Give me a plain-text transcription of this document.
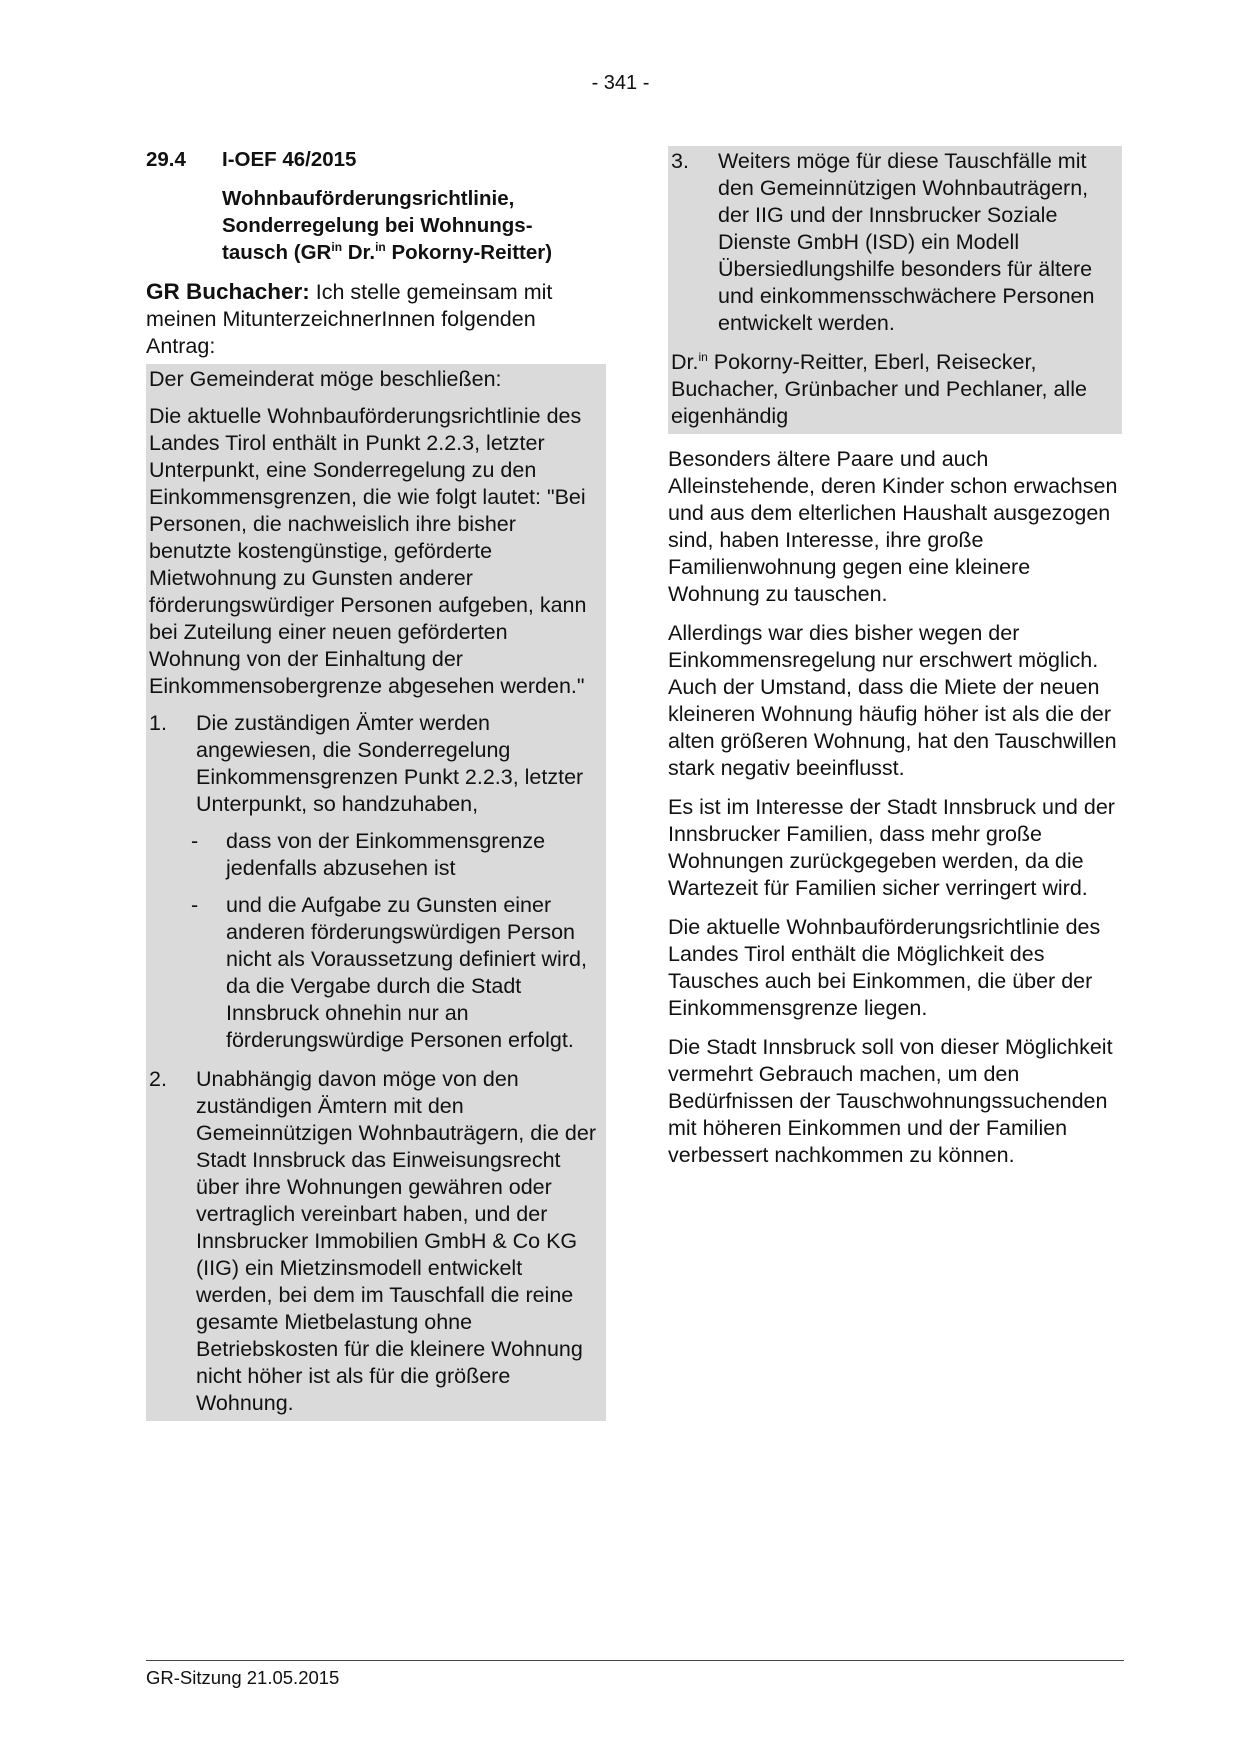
- 341 -
29.4	I-OEF 46/2015
Wohnbauförderungsrichtlinie,
Sonderregelung bei Wohnungs-
tausch ($GR^{in}$ Dr.$^{in}$ Pokorny-Reitter)

GR Buchacher: Ich stelle gemeinsam mit meinen MitunterzeichnerInnen folgenden Antrag:

Der Gemeinderat möge beschließen:

Die aktuelle Wohnbauförderungsrichtlinie des Landes Tirol enthält in Punkt 2.2.3, letzter Unterpunkt, eine Sonderregelung zu den Einkommensgrenzen, die wie folgt lautet: "Bei Personen, die nachweislich ihre bisher benutzte kostengünstige, geförderte Mietwohnung zu Gunsten anderer förderungswürdiger Personen aufgeben, kann bei Zuteilung einer neuen geförderten Wohnung von der Einhaltung der Einkommensobergrenze abgesehen werden."

1.	Die zuständigen Ämter werden angewiesen, die Sonderregelung Einkommensgrenzen Punkt 2.2.3, letzter Unterpunkt, so handzuhaben,
-	dass von der Einkommensgrenze jedenfalls abzusehen ist
-	und die Aufgabe zu Gunsten einer anderen förderungswürdigen Person nicht als Voraussetzung definiert wird, da die Vergabe durch die Stadt Innsbruck ohnehin nur an förderungswürdige Personen erfolgt.
2.	Unabhängig davon möge von den zuständigen Ämtern mit den Gemeinnützigen Wohnbauträgern, die der Stadt Innsbruck das Einweisungsrecht über ihre Wohnungen gewähren oder vertraglich vereinbart haben, und der Innsbrucker Immobilien GmbH & Co KG (IIG) ein Mietzinsmodell entwickelt werden, bei dem im Tauschfall die reine gesamte Mietbelastung ohne Betriebskosten für die kleinere Wohnung nicht höher ist als für die größere Wohnung.
3.	Weiters möge für diese Tauschfälle mit den Gemeinnützigen Wohnbauträgern, der IIG und der Innsbrucker Soziale Dienste GmbH (ISD) ein Modell Übersiedlungshilfe besonders für ältere und einkommensschwächere Personen entwickelt werden.

Dr.$^{in}$ Pokorny-Reitter, Eberl, Reisecker, Buchacher, Grünbacher und Pechlaner, alle eigenhändig

Besonders ältere Paare und auch Alleinstehende, deren Kinder schon erwachsen und aus dem elterlichen Haushalt ausgezogen sind, haben Interesse, ihre große Familienwohnung gegen eine kleinere Wohnung zu tauschen.

Allerdings war dies bisher wegen der Einkommensregelung nur erschwert möglich. Auch der Umstand, dass die Miete der neuen kleineren Wohnung häufig höher ist als die der alten größeren Wohnung, hat den Tauschwillen stark negativ beeinflusst.

Es ist im Interesse der Stadt Innsbruck und der Innsbrucker Familien, dass mehr große Wohnungen zurückgegeben werden, da die Wartezeit für Familien sicher verringert wird.

Die aktuelle Wohnbauförderungsrichtlinie des Landes Tirol enthält die Möglichkeit des Tausches auch bei Einkommen, die über der Einkommensgrenze liegen.

Die Stadt Innsbruck soll von dieser Möglichkeit vermehrt Gebrauch machen, um den Bedürfnissen der Tauschwohnungssuchenden mit höheren Einkommen und der Familien verbessert nachkommen zu können.

GR-Sitzung 21.05.2015
